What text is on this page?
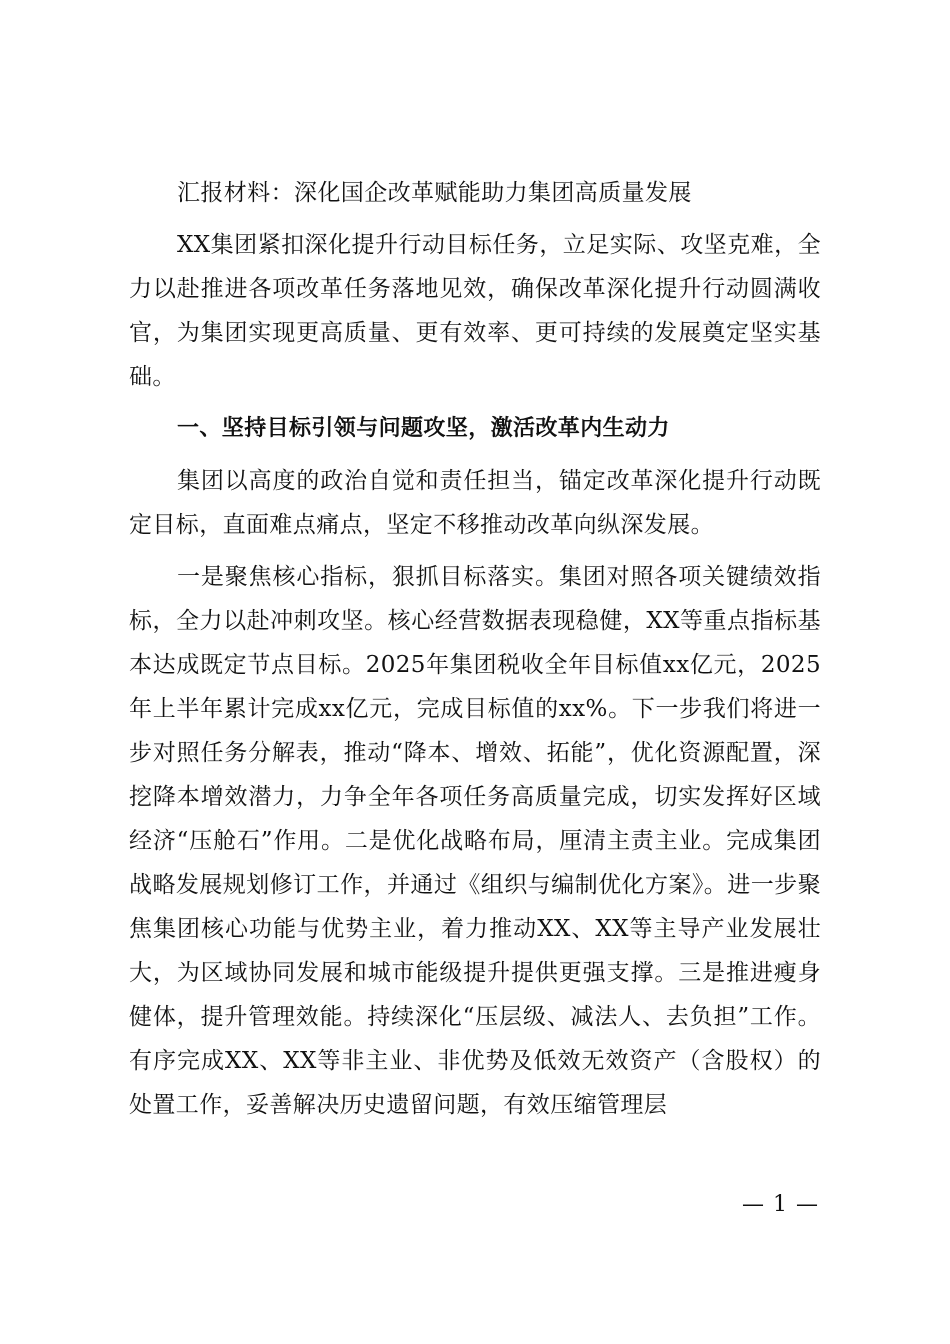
汇报材料：深化国企改革赋能助力集团高质量发展

XX集团紧扣深化提升行动目标任务，立足实际、攻坚克难，全力以赴推进各项改革任务落地见效，确保改革深化提升行动圆满收官，为集团实现更高质量、更有效率、更可持续的发展奠定坚实基础。

一、坚持目标引领与问题攻坚，激活改革内生动力

集团以高度的政治自觉和责任担当，锚定改革深化提升行动既定目标，直面难点痛点，坚定不移推动改革向纵深发展。

一是聚焦核心指标，狠抓目标落实。集团对照各项关键绩效指标，全力以赴冲刺攻坚。核心经营数据表现稳健，XX等重点指标基本达成既定节点目标。2025年集团税收全年目标值xx亿元，2025年上半年累计完成xx亿元，完成目标值的xx%。下一步我们将进一步对照任务分解表，推动“降本、增效、拓能”，优化资源配置，深挖降本增效潜力，力争全年各项任务高质量完成，切实发挥好区域经济“压舱石”作用。二是优化战略布局，厘清主责主业。完成集团战略发展规划修订工作，并通过《组织与编制优化方案》。进一步聚焦集团核心功能与优势主业，着力推动XX、XX等主导产业发展壮大，为区域协同发展和城市能级提升提供更强支撑。三是推进瘦身健体，提升管理效能。持续深化“压层级、减法人、去负担”工作。有序完成XX、XX等非主业、非优势及低效无效资产（含股权）的处置工作，妥善解决历史遗留问题，有效压缩管理层

— 1 —
